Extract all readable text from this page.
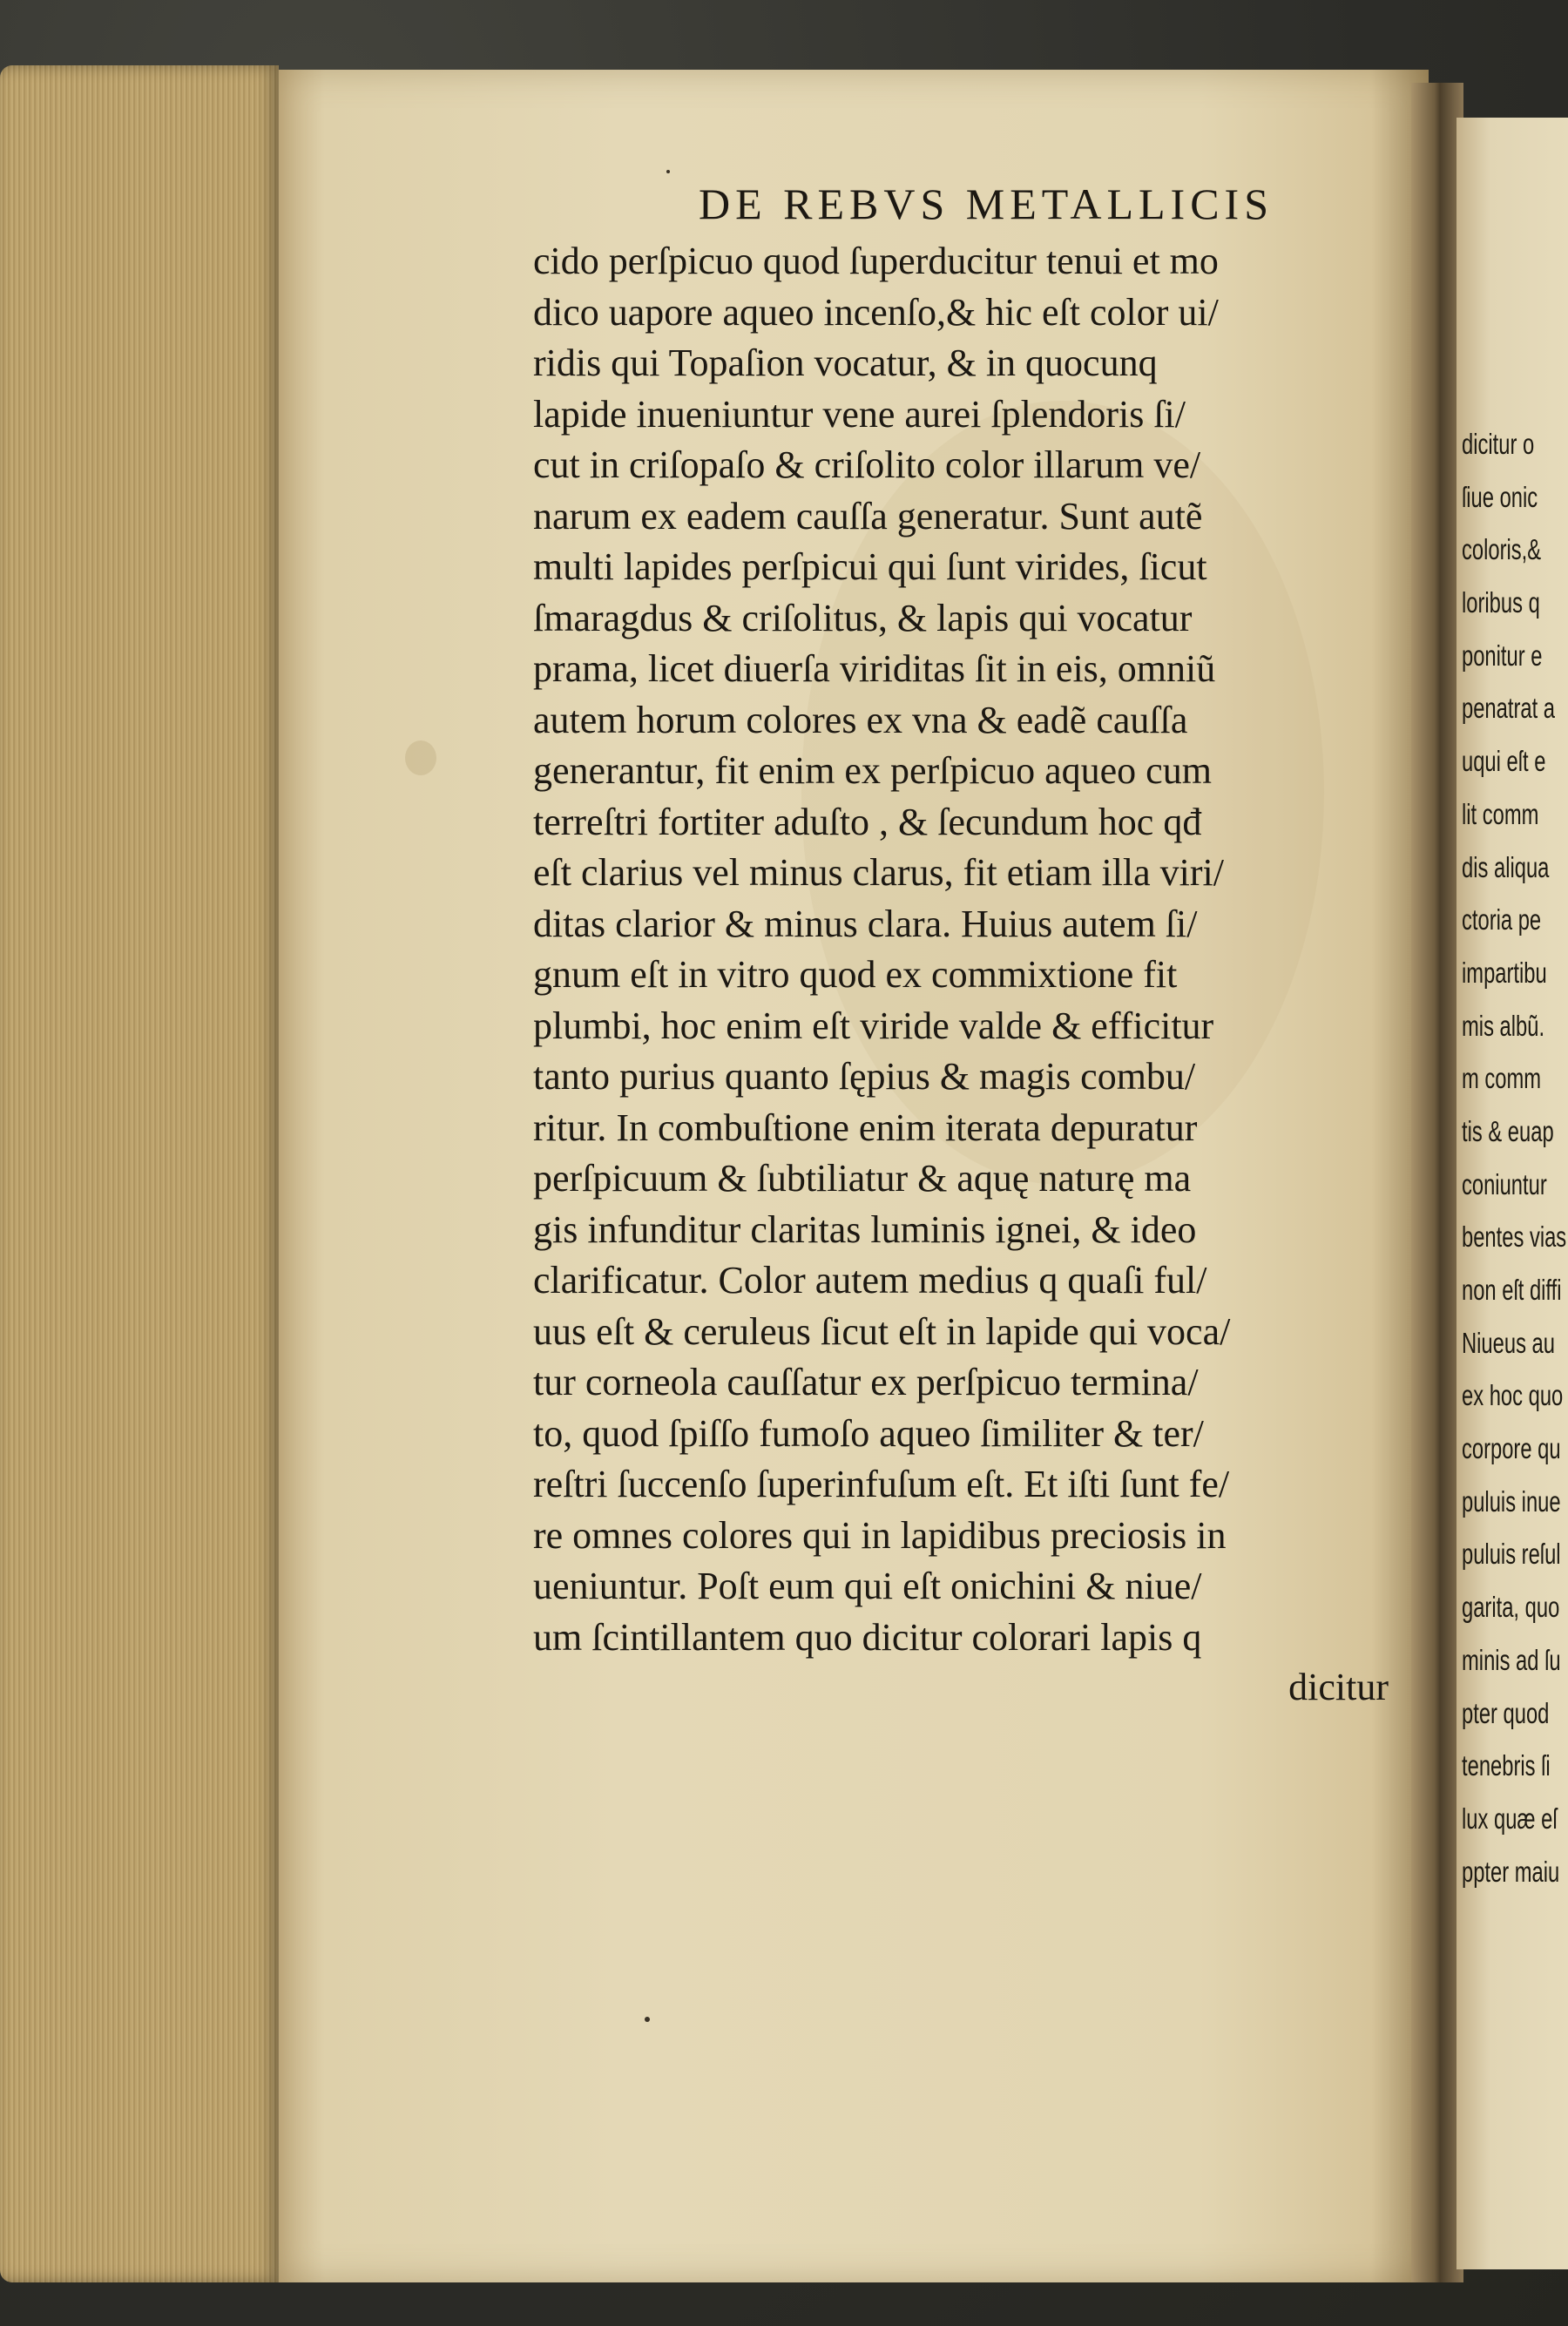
dicitur o
ſiue onic
coloris,&
loribus q
ponitur e
penatrat a
uqui eſt e
lit comm
dis aliqua
ctoria pe
impartibu
mis albũ.
m comm
tis & euap
coniuntur
bentes vias
non eſt diffi
Niueus au
ex hoc quo
corpore qu
puluis inue
puluis reſul
garita, quo
minis ad ſu
pter quod
tenebris ſi
lux quæ eſ
ppter maiu
DE REBVS METALLICIS
cido perſpicuo quod ſuperducitur tenui et mo
dico uapore aqueo incenſo,& hic eſt color ui/
ridis qui Topaſion vocatur, & in quocunq
lapide inueniuntur vene aurei ſplendoris ſi/
cut in criſopaſo & criſolito color illarum ve/
narum ex eadem cauſſa generatur. Sunt autẽ
multi lapides perſpicui qui ſunt virides, ſicut
ſmaragdus & criſolitus, & lapis qui vocatur
prama, licet diuerſa viriditas ſit in eis, omniũ
autem horum colores ex vna & eadẽ cauſſa
generantur, fit enim ex perſpicuo aqueo cum
terreſtri fortiter aduſto , & ſecundum hoc qđ
eſt clarius vel minus clarus, fit etiam illa viri/
ditas clarior & minus clara. Huius autem ſi/
gnum eſt in vitro quod ex commixtione fit
plumbi, hoc enim eſt viride valde & efficitur
tanto purius quanto ſępius & magis combu/
ritur. In combuſtione enim iterata depuratur
perſpicuum & ſubtiliatur & aquę naturę ma
gis infunditur claritas luminis ignei, & ideo
clarificatur. Color autem medius q quaſi ful/
uus eſt & ceruleus ſicut eſt in lapide qui voca/
tur corneola cauſſatur ex perſpicuo termina/
to, quod ſpiſſo fumoſo aqueo ſimiliter & ter/
reſtri ſuccenſo ſuperinfuſum eſt. Et iſti ſunt fe/
re omnes colores qui in lapidibus preciosis in
ueniuntur. Poſt eum qui eſt onichini & niue/
um ſcintillantem quo dicitur colorari lapis q
dicitur
